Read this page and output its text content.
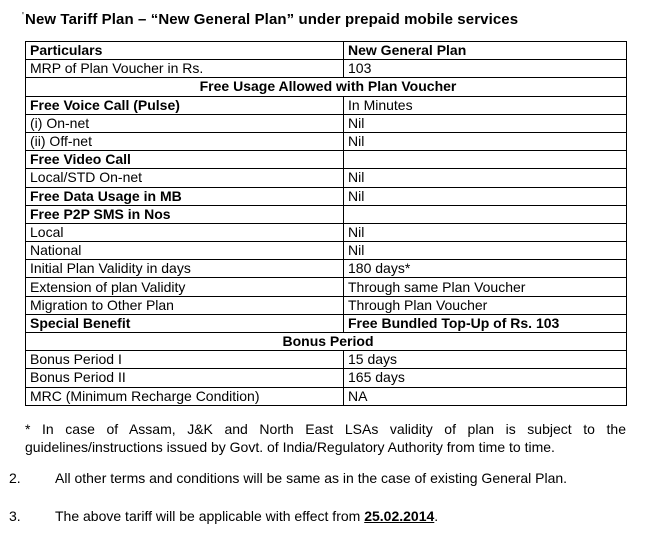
'New Tariff Plan – “New General Plan” under prepaid mobile services
Particulars	New General Plan
MRP of Plan Voucher in Rs.	103
Free Usage Allowed with Plan Voucher	
Free Voice Call (Pulse)	In Minutes
(i) On-net	Nil
(ii) Off-net	Nil
Free Video Call	
Local/STD On-net	Nil
Free Data Usage in MB	Nil
Free P2P SMS in Nos	
Local	Nil
National	Nil
Initial Plan Validity in days	180 days*
Extension of plan Validity	Through same Plan Voucher
Migration to Other Plan	Through Plan Voucher
Special Benefit	Free Bundled Top-Up of Rs. 103
Bonus Period	
Bonus Period I	15 days
Bonus Period II	165 days
MRC (Minimum Recharge Condition)	NA
* In case of Assam, J&K and North East LSAs validity of plan is subject to the guidelines/instructions issued by Govt. of India/Regulatory Authority from time to time.
2. All other terms and conditions will be same as in the case of existing General Plan.
3. The above tariff will be applicable with effect from 25.02.2014.
